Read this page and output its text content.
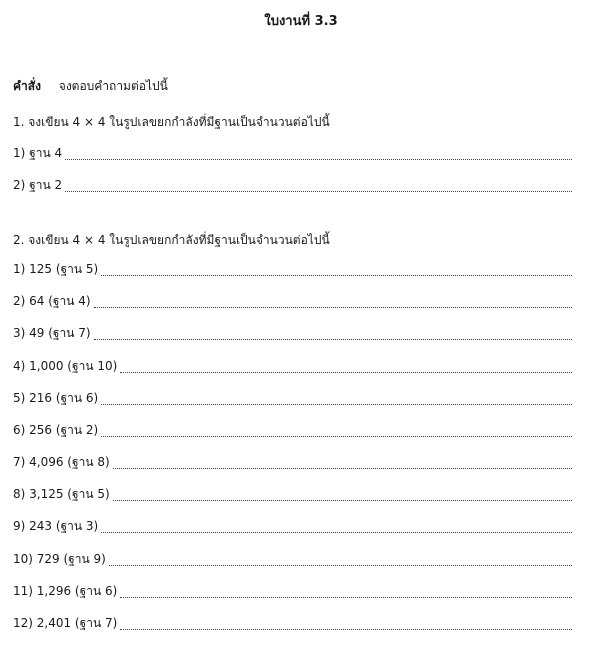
ใบงานที่ 3.3
คำสั่ง จงตอบคำถามต่อไปนี้
1. จงเขียน 4 × 4 ในรูปเลขยกกำลังที่มีฐานเป็นจำนวนต่อไปนี้
1) ฐาน 4
2) ฐาน 2
2. จงเขียน 4 × 4 ในรูปเลขยกกำลังที่มีฐานเป็นจำนวนต่อไปนี้
1) 125 (ฐาน 5)
2) 64 (ฐาน 4)
3) 49 (ฐาน 7)
4) 1,000 (ฐาน 10)
5) 216 (ฐาน 6)
6) 256 (ฐาน 2)
7) 4,096 (ฐาน 8)
8) 3,125 (ฐาน 5)
9) 243 (ฐาน 3)
10) 729 (ฐาน 9)
11) 1,296 (ฐาน 6)
12) 2,401 (ฐาน 7)
